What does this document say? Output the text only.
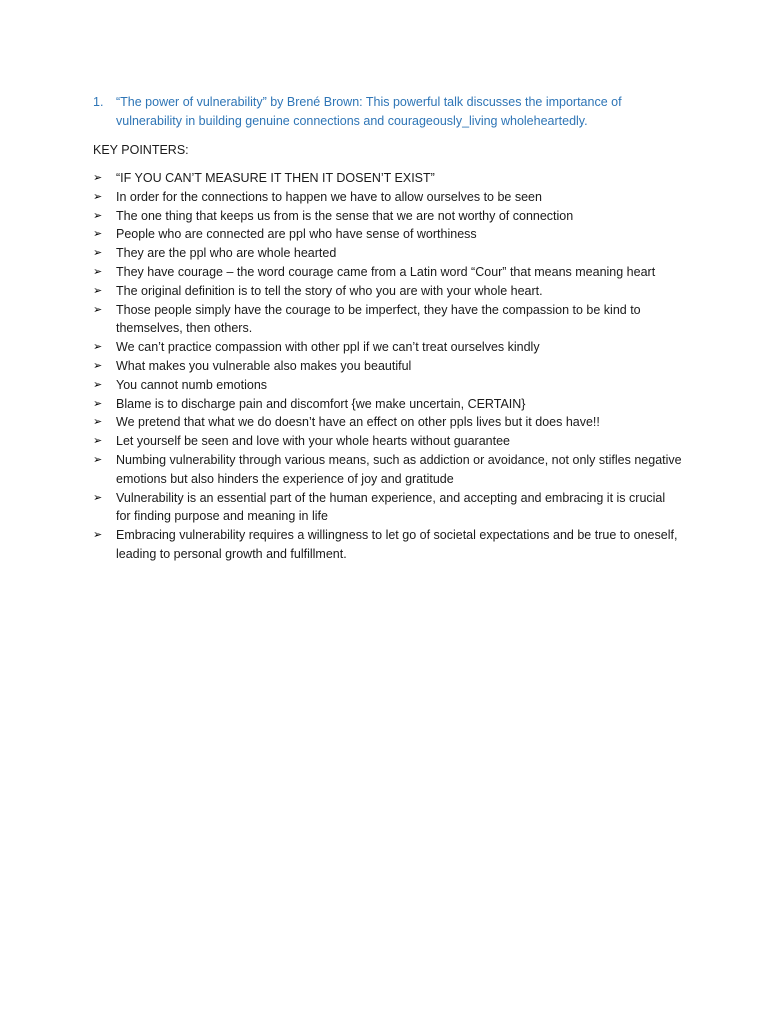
1. “The power of vulnerability” by Brené Brown: This powerful talk discusses the importance of vulnerability in building genuine connections and courageously_living wholeheartedly.
KEY POINTERS:
➢ “IF YOU CAN’T MEASURE IT THEN IT DOSEN’T EXIST”
➢ In order for the connections to happen we have to allow ourselves to be seen
➢ The one thing that keeps us from is the sense that we are not worthy of connection
➢ People who are connected are ppl who have sense of worthiness
➢ They are the ppl who are whole hearted
➢ They have courage – the word courage came from a Latin word “Cour” that means meaning heart
➢ The original definition is to tell the story of who you are with your whole heart.
➢ Those people simply have the courage to be imperfect, they have the compassion to be kind to themselves, then others.
➢ We can’t practice compassion with other ppl if we can’t treat ourselves kindly
➢ What makes you vulnerable also makes you beautiful
➢ You cannot numb emotions
➢ Blame is to discharge pain and discomfort {we make uncertain, CERTAIN}
➢ We pretend that what we do doesn’t have an effect on other ppls lives but it does have!!
➢ Let yourself be seen and love with your whole hearts without guarantee
➢ Numbing vulnerability through various means, such as addiction or avoidance, not only stifles negative emotions but also hinders the experience of joy and gratitude
➢ Vulnerability is an essential part of the human experience, and accepting and embracing it is crucial for finding purpose and meaning in life
➢ Embracing vulnerability requires a willingness to let go of societal expectations and be true to oneself, leading to personal growth and fulfillment.
